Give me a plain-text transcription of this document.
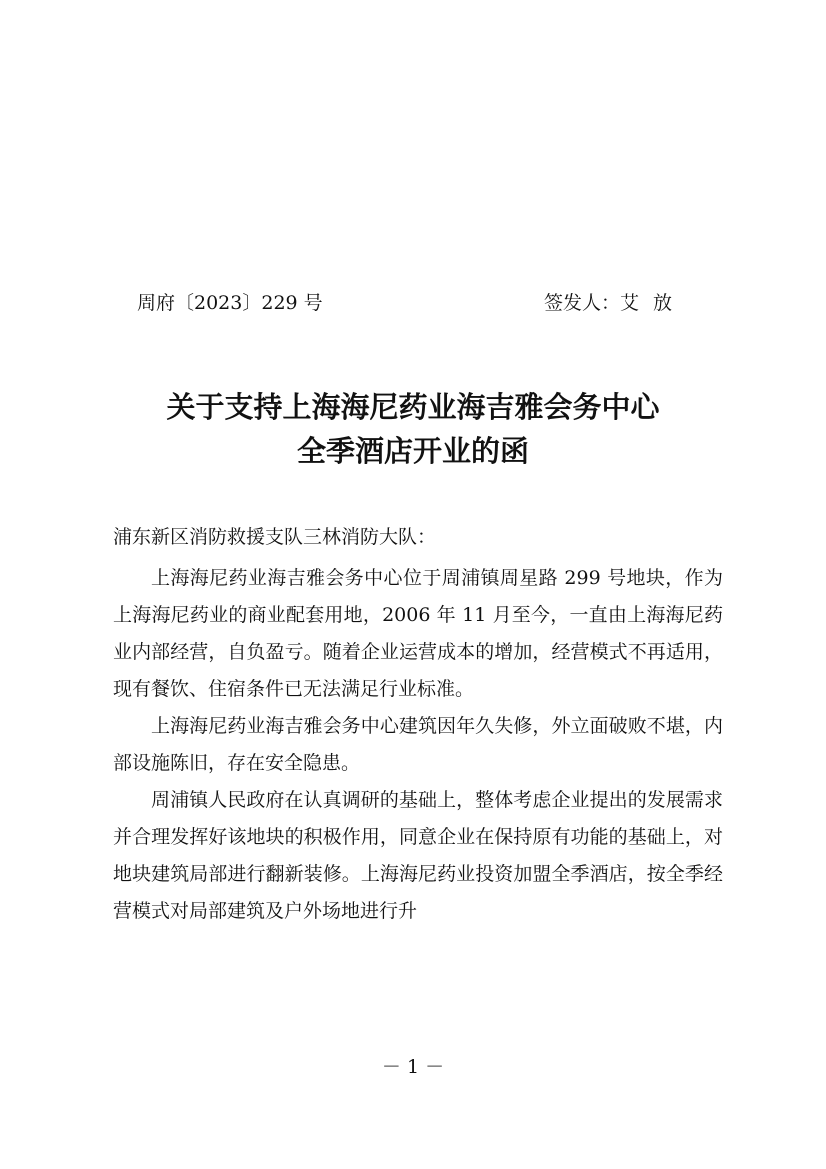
周府〔2023〕229 号	签发人：艾放
关于支持上海海尼药业海吉雅会务中心
全季酒店开业的函
浦东新区消防救援支队三林消防大队：

上海海尼药业海吉雅会务中心位于周浦镇周星路 299 号地块，作为上海海尼药业的商业配套用地，2006 年 11 月至今，一直由上海海尼药业内部经营，自负盈亏。随着企业运营成本的增加，经营模式不再适用，现有餐饮、住宿条件已无法满足行业标准。

上海海尼药业海吉雅会务中心建筑因年久失修，外立面破败不堪，内部设施陈旧，存在安全隐患。

周浦镇人民政府在认真调研的基础上，整体考虑企业提出的发展需求并合理发挥好该地块的积极作用，同意企业在保持原有功能的基础上，对地块建筑局部进行翻新装修。上海海尼药业投资加盟全季酒店，按全季经营模式对局部建筑及户外场地进行升

－ 1 －
